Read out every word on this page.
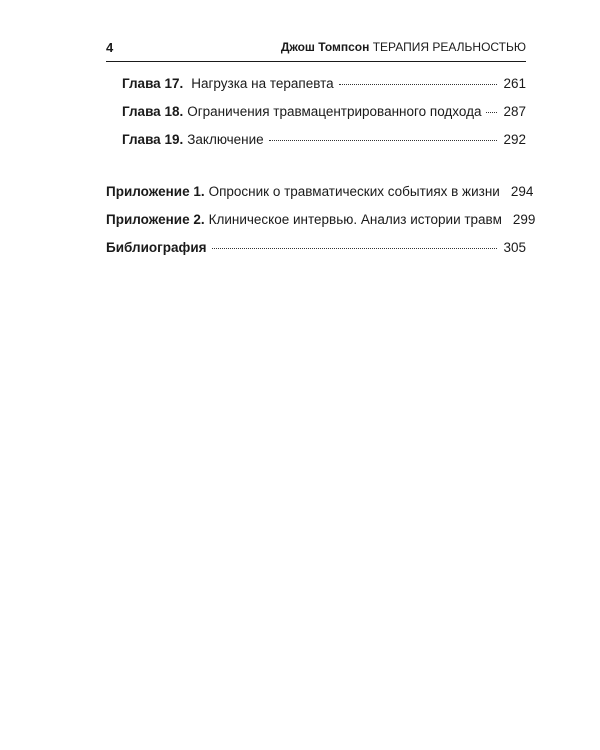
4	Джош Томпсон ТЕРАПИЯ РЕАЛЬНОСТЬЮ
Глава 17. Нагрузка на терапевта	261
Глава 18. Ограничения травмацентрированного подхода 287
Глава 19. Заключение	292
Приложение 1. Опросник о травматических событиях в жизни 294
Приложение 2. Клиническое интервью. Анализ истории травм 299
Библиография	305
